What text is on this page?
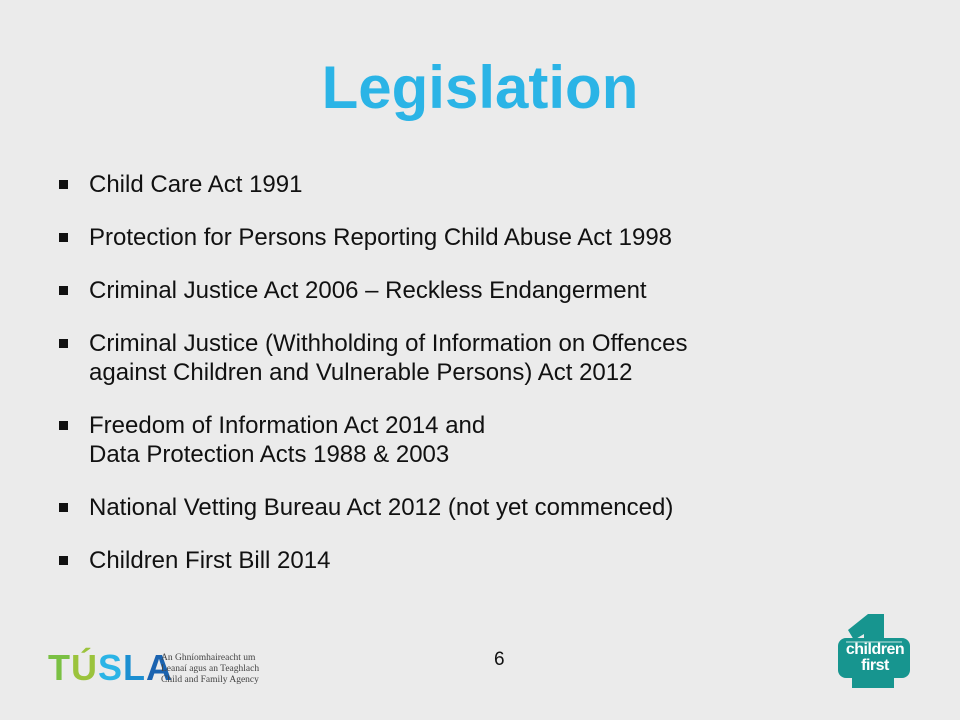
Legislation
Child Care Act 1991
Protection for Persons Reporting Child Abuse Act 1998
Criminal Justice Act 2006 – Reckless Endangerment
Criminal Justice (Withholding of Information on Offences
against Children and Vulnerable Persons) Act 2012
Freedom of Information Act 2014 and
Data Protection Acts 1988 & 2003
National Vetting Bureau Act 2012 (not yet commenced)
Children First Bill 2014
TÚSLA
An Ghníomhaireacht um
Leanaí agus an Teaghlach
Child and Family Agency
6	children
first
